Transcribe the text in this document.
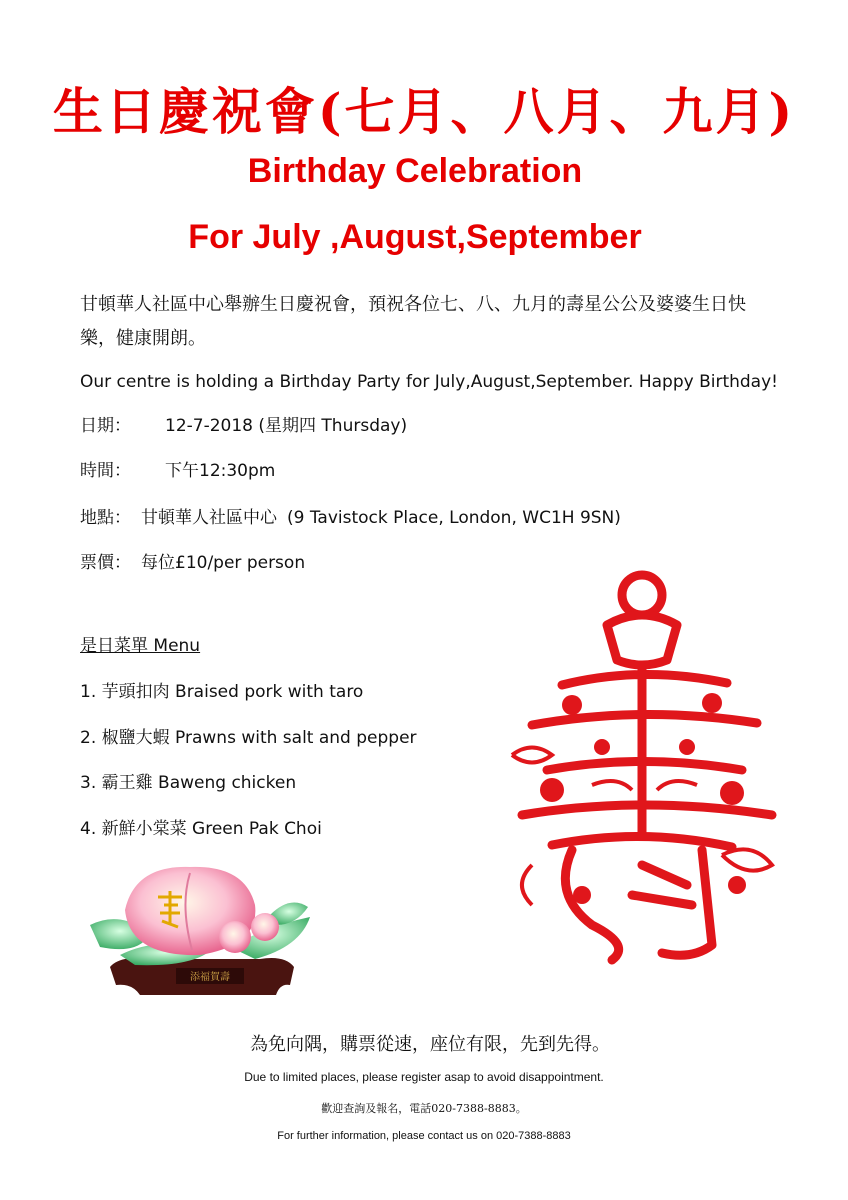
生日慶祝會(七月、八月、九月)
Birthday Celebration
For July ,August,September
甘頓華人社區中心舉辦生日慶祝會，預祝各位七、八、九月的壽星公公及婆婆生日快樂，健康開朗。
Our centre is holding a Birthday Party for July,August,September. Happy Birthday!
日期： 12-7-2018 (星期四 Thursday)
時間： 下午12:30pm
地點： 甘頓華人社區中心 (9 Tavistock Place, London, WC1H 9SN)
票價： 每位£10/per person
是日菜單 Menu
1. 芋頭扣肉 Braised pork with taro
2. 椒鹽大蝦 Prawns with salt and pepper
3. 霸王雞 Baweng chicken
4. 新鮮小棠菜 Green Pak Choi
添福賀壽
為免向隅，購票從速，座位有限，先到先得。
Due to limited places, please register asap to avoid disappointment.
歡迎查詢及報名，電話020-7388-8883。
For further information, please contact us on 020-7388-8883
